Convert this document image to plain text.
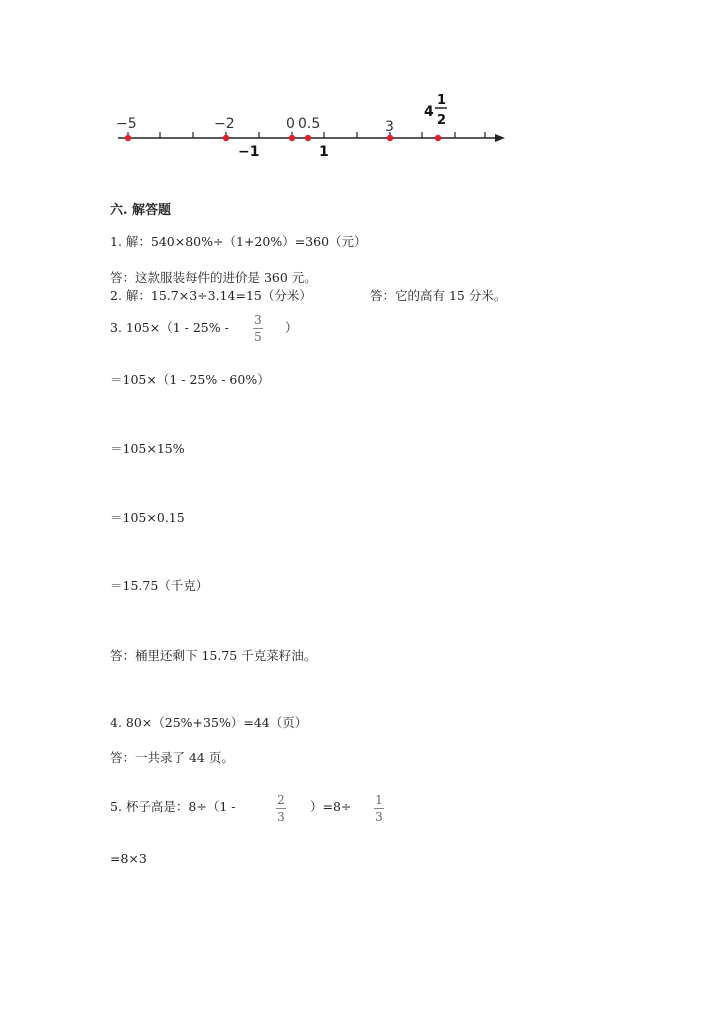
−5	−2	0 0.5	3
−1	1
4
1
2
六. 解答题
1. 解：540×80%÷（1+20%）=360（元）
答：这款服装每件的进价是 360 元。
2. 解：15.7×3÷3.14=15（分米）	答：它的高有 15 分米。
3. 105×（1 - 25% - 3
5
）
＝105×（1 - 25% - 60%）
＝105×15%
＝105×0.15
＝15.75（千克）
答：桶里还剩下 15.75 千克菜籽油。
4. 80×（25%+35%）=44（页）
答：一共录了 44 页。
5. 杯子高是：8÷（1 -	2
3
）=8÷ 1
3
=8×3
